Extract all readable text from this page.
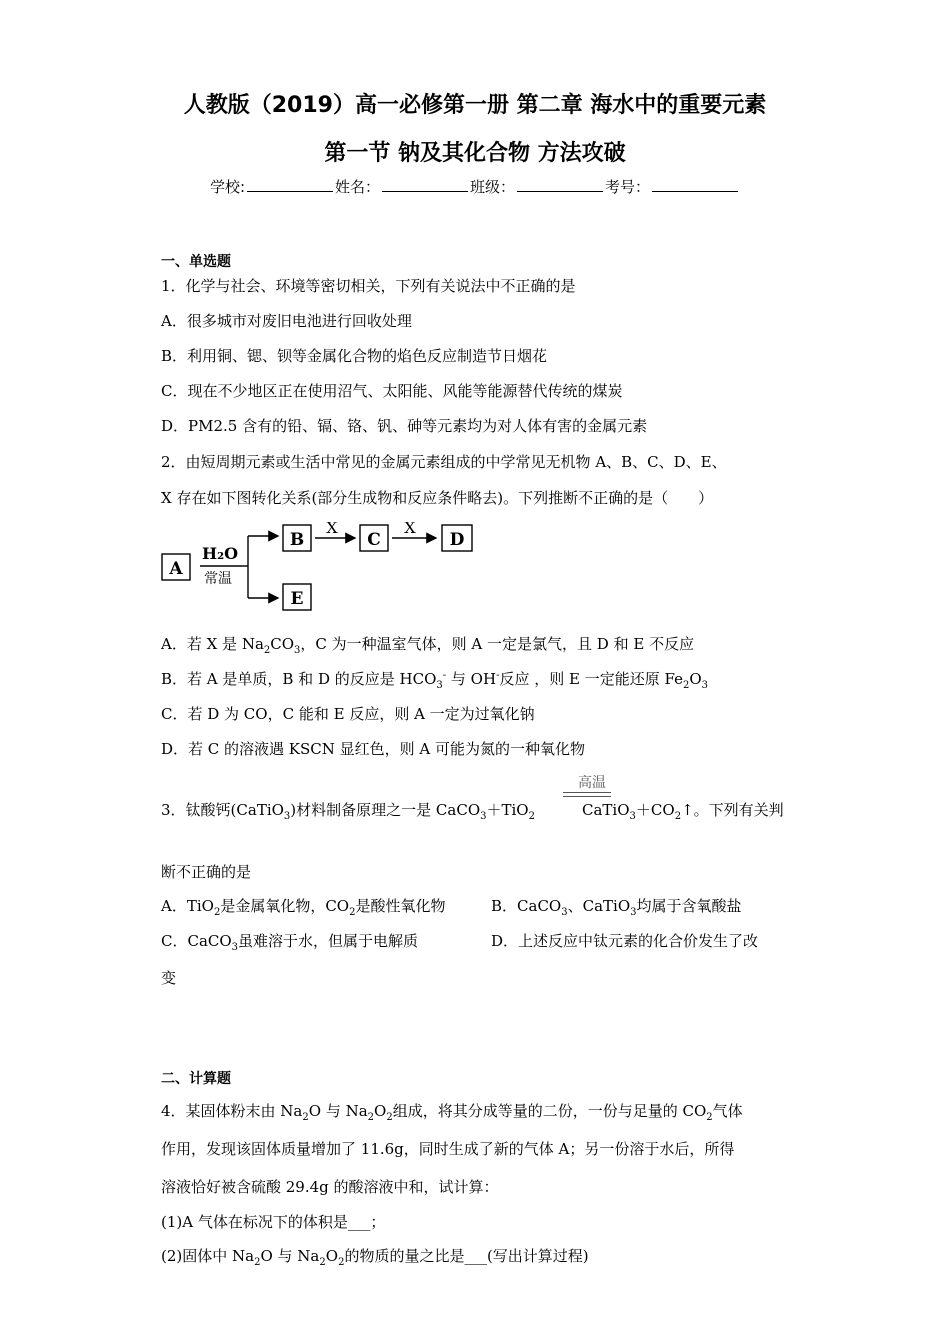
人教版（2019）高一必修第一册 第二章 海水中的重要元素
第一节 钠及其化合物 方法攻破
学校:	姓名：	班级：	考号：
一、单选题
1．化学与社会、环境等密切相关，下列有关说法中不正确的是
A．很多城市对废旧电池进行回收处理
B．利用铜、锶、钡等金属化合物的焰色反应制造节日烟花
C．现在不少地区正在使用沼气、太阳能、风能等能源替代传统的煤炭
D．PM2.5 含有的铅、镉、铬、钒、砷等元素均为对人体有害的金属元素
2．由短周期元素或生活中常见的金属元素组成的中学常见无机物 A、B、C、D、E、
X 存在如下图转化关系(部分生成物和反应条件略去)。下列推断不正确的是（　　）
A
H₂O
常温
B
E
X
C
X
D
A．若 X 是 $Na_2CO_3$，C 为一种温室气体，则 A 一定是氯气，且 D 和 E 不反应
B．若 A 是单质，B 和 D 的反应是 $HCO_3^-$ 与 OH-反应 ，则 E 一定能还原 $Fe_2O_3$
C．若 D 为 CO，C 能和 E 反应，则 A 一定为过氧化钠
D．若 C 的溶液遇 KSCN 显红色，则 A 可能为氮的一种氧化物
高温
3．钛酸钙(CaTiO$_3$)材料制备原理之一是 CaCO$_3$＋TiO$_2$	$CaTiO_3+CO_2↑$。下列有关判
断不正确的是
A．TiO$_2$是金属氧化物，$CO_2$是酸性氧化物	B．CaCO$_3$、CaTiO$_3$均属于含氧酸盐
C．CaCO$_3$虽难溶于水，但属于电解质	D．上述反应中钛元素的化合价发生了改
变
二、计算题
4．某固体粉末由 $Na_2O$ 与 $Na_2O_2$组成，将其分成等量的二份，一份与足量的 $CO_2$气体
作用，发现该固体质量增加了 11.6g，同时生成了新的气体 A；另一份溶于水后，所得
溶液恰好被含硫酸 29.4g 的酸溶液中和，试计算：
(1)A 气体在标况下的体积是___；
(2)固体中 $Na_2O$ 与 $Na_2O_2$的物质的量之比是___(写出计算过程)
